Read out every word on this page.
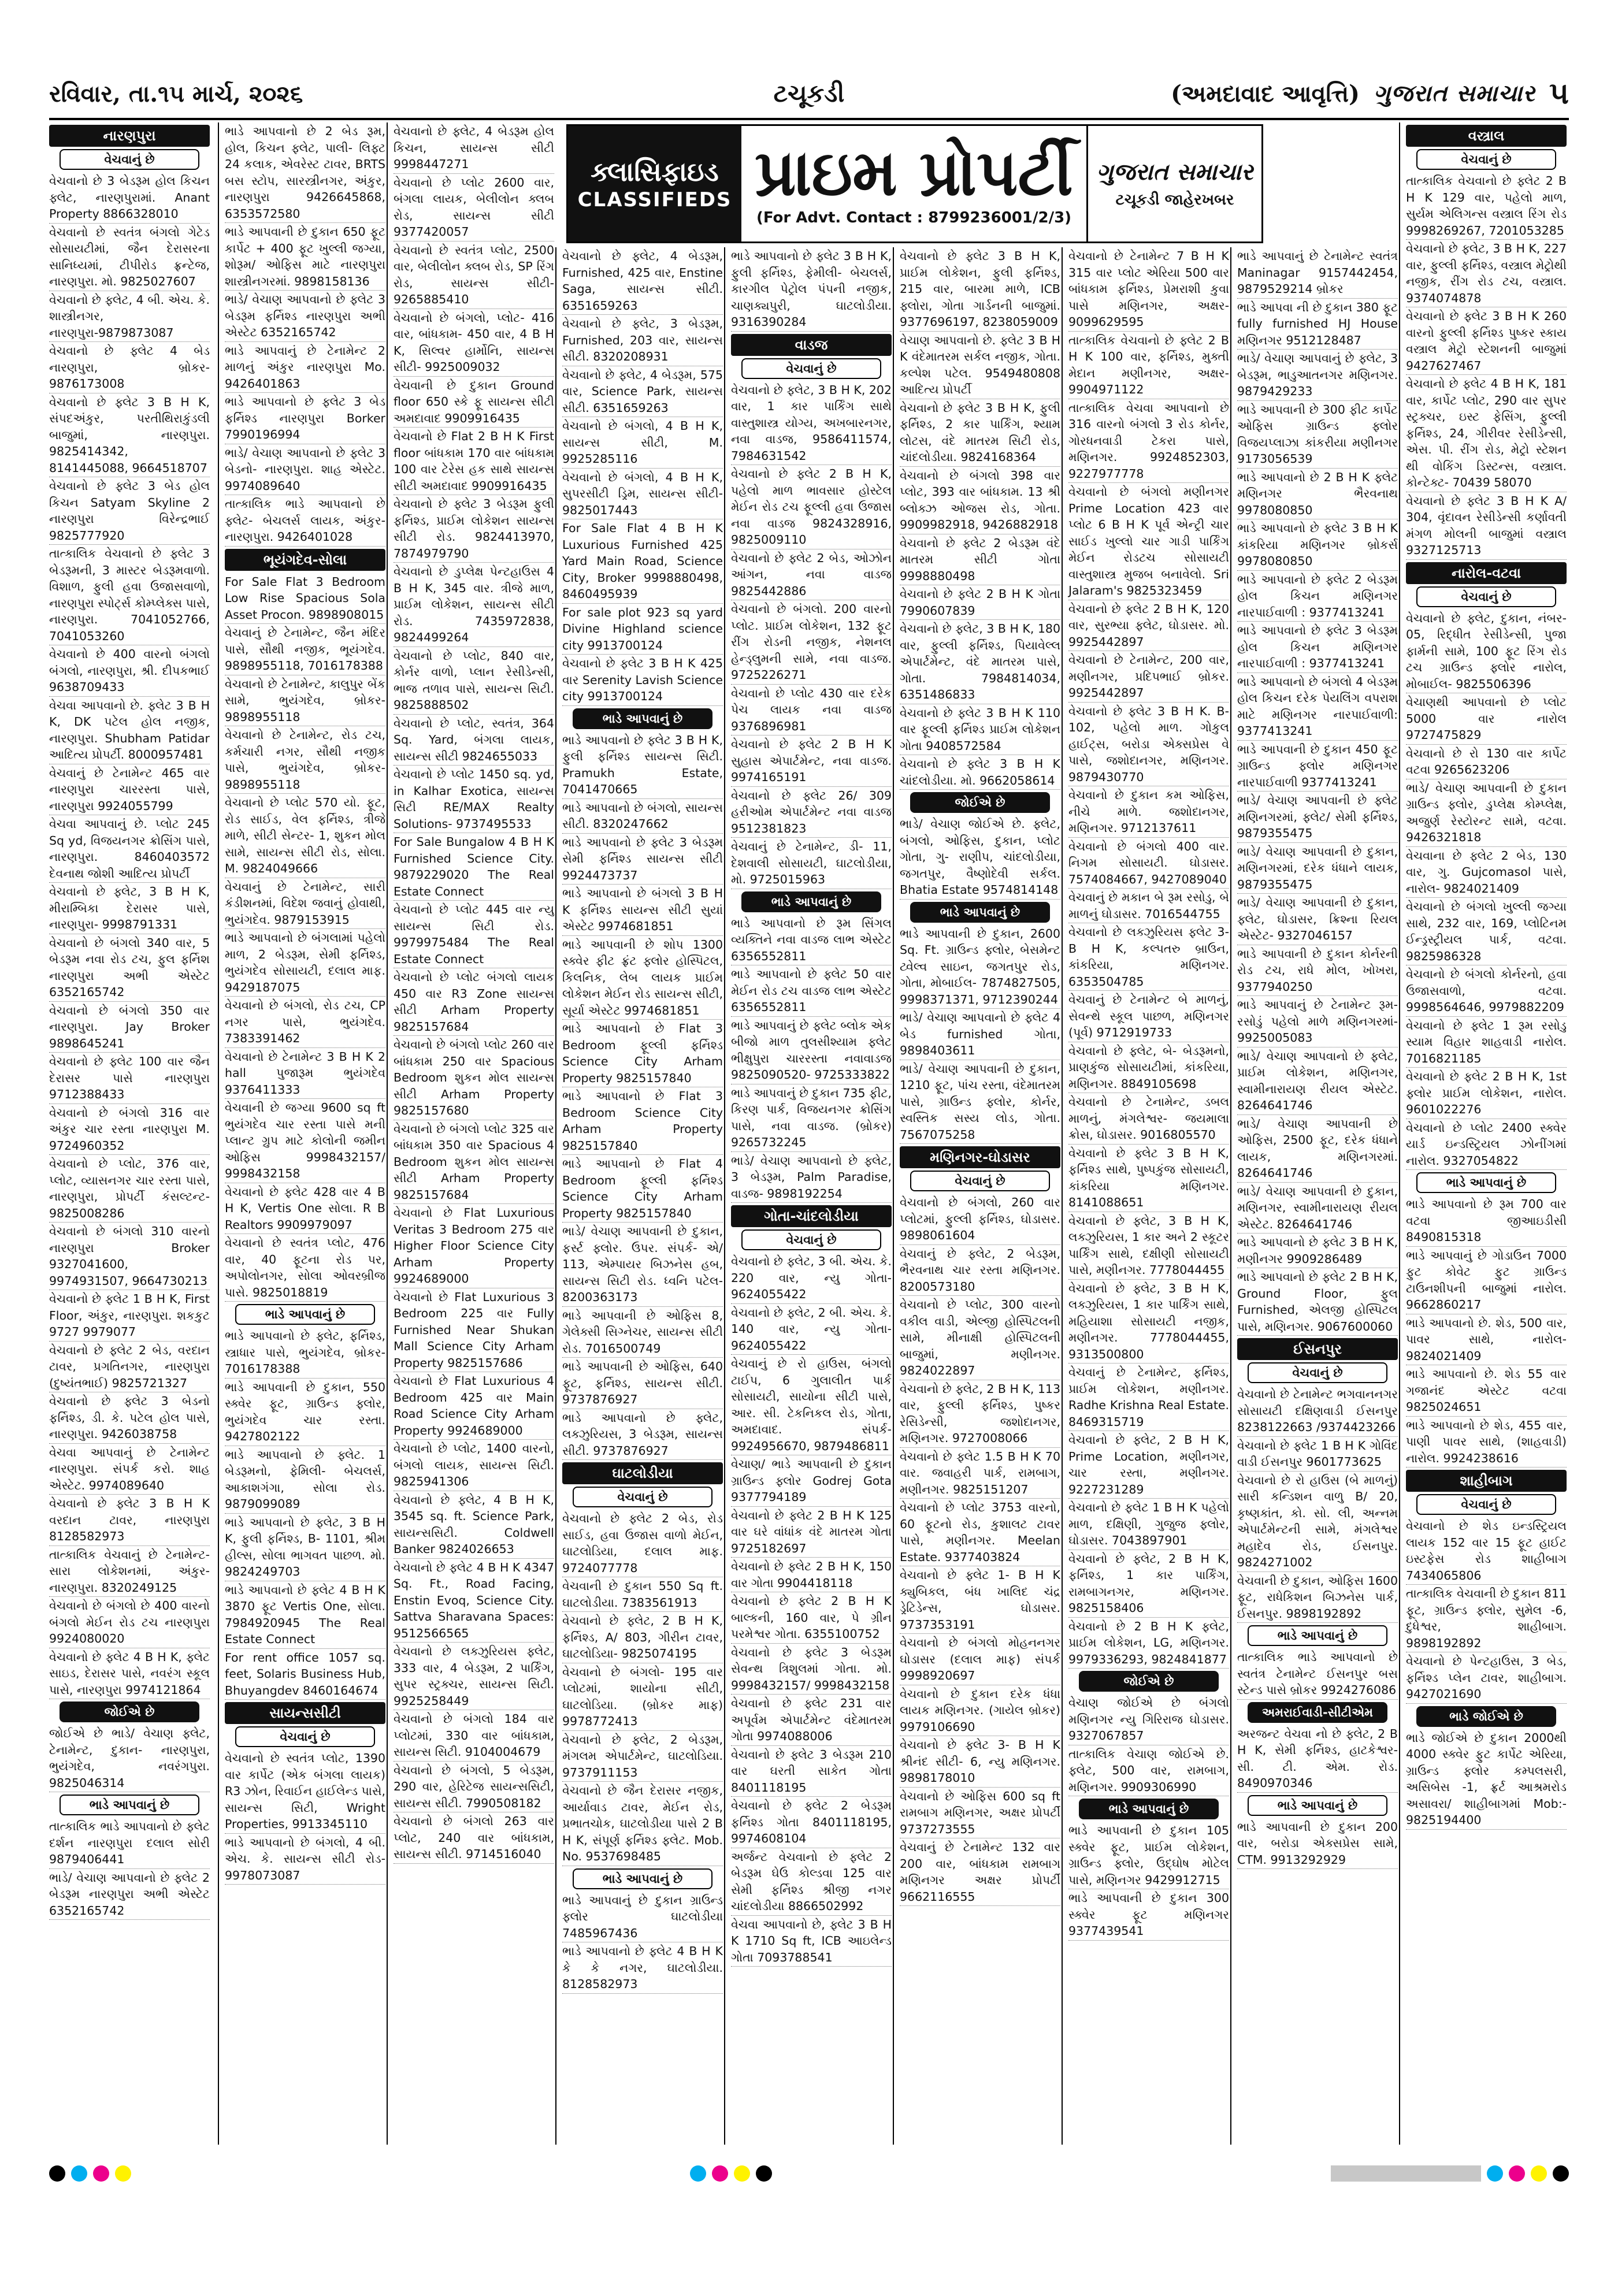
રવિવાર, તા.૧૫ માર્ચ, ૨૦૨૬	ટચૂકડી	(અમદાવાદ આવૃત્તિ) ગુજરાત સમાચાર ૫
નારણપુરા
વેચવાનું છે
વેચવાનો છે 3 બેડરૂમ હોલ કિચન ફ્લેટ, નારણપુરામાં. Anant Property 8866328010
વેચવાનો છે સ્વતંત્ર બંગલો ગેટેડ સોસાયટીમાં, જૈન દેરાસરના સાનિધ્યમાં, ટીપીરોડ ફ્રન્ટેજ, નારણપુરા. મો. 9825027607
વેચવાનો છે ફ્લેટ, 4 બી. એચ. કે. શાસ્ત્રીનગર, નારણપુરા-9879873087
વેચવાનો છે ફ્લેટ 4 બેડ નારણપુરા, બ્રોકર- 9876173008
વેચવાનો છે ફ્લેટ 3 B H K, સંપદઅંકુર, પરતીથિરાકુંડલી બાજુમાં, નારણપુરા. 9825414342, 8141445088, 9664518707
વેચવાનો છે ફ્લેટ 3 બેડ હોલ કિચન Satyam Skyline 2 નારણપુરા વિરેન્દ્રભાઈ 9825777920
તાત્કાલિક વેચવાનો છે ફ્લેટ 3 બેડરૂમની, 3 માસ્ટર બેડરૂમવાળો. વિશાળ, ફુલી હવા ઉજાસવાળો, નારણપુરા સ્પોર્ટ્સ કોમ્પ્લેક્સ પાસે, નારણપુરા. 7041052766, 7041053260
વેચવાનો છે 400 વારનો બંગલો બંગલો, નારણપુરા, શ્રી. દીપકભાઈ 9638709433
વેચવા આપવાનો છે. ફ્લેટ 3 B H K, DK પટેલ હોલ નજીક, નારણપુરા. Shubham Patidar આદિત્ય પ્રોપર્ટી. 8000957481
વેચવાનું છે ટેનામેન્ટ 465 વાર નારણપુરા ચારરસ્તા પાસે, નારણપુરા 9924055799
વેચવા આપવાનું છે. પ્લોટ 245 Sq yd, વિજયનગર ક્રોસિંગ પાસે, નારણપુરા. 8460403572 દેવનાથ જોશી આદિત્ય પ્રોપર્ટી
વેચવાનો છે ફ્લેટ, 3 B H K, મીરામ્બિકા દેરાસર પાસે, નારણપુરા- 9998791331
વેચવાનો છે બંગલો 340 વાર, 5 બેડરૂમ નવા રોડ ટચ, ફુલ ફર્નિશ નારણપુરા અભી એસ્ટેટ 6352165742
વેચવાનો છે બંગલો 350 વાર નારણપુરા. Jay Broker 9898645241
વેચવાનો છે ફ્લેટ 100 વાર જૈન દેરાસર પાસે નારણપુરા 9712388433
વેચવાનો છે બંગલો 316 વાર અંકુર ચાર રસ્તા નારણપુરા M. 9724960352
વેચવાનો છે પ્લોટ, 376 વાર, પ્લોટ, વ્યાસનગર ચાર રસ્તા પાસે, નારણપુરા, પ્રોપર્ટી કંસલ્ટન્ટ- 9825008286
વેચવાનો છે બંગલો 310 વારનો નારણપુરા Broker 9327041600, 9974931507, 9664730213
વેચવાનો છે ફ્લેટ 1 B H K, First Floor, અંકુર, નારણપુરા. શકકુટ 9727 9979077
વેચવાનો છે ફ્લેટ 2 બેડ, વરદાન ટાવર, પ્રગતિનગર, નારણપુરા (દુષ્યંતભાઈ) 9825721327
વેચવાનો છે ફ્લેટ 3 બેડનો ફર્નિશ્ડ, ડી. કે. પટેલ હોલ પાસે, નારણપુરા. 9426038758
વેચવા આપવાનું છે ટેનામેન્ટ નારણપુરા. સંપર્ક કરો. શાહ એસ્ટેટ. 9974089640
વેચવાનો છે ફ્લેટ 3 B H K વરદાન ટાવર, નારણપુરા 8128582973
તાત્કાલિક વેચવાનું છે ટેનામેન્ટ- સારા લોકેશનમાં, અંકુર- નારણપુરા. 8320249125
વેચવાનો છે બંગલો છે 400 વારનો બંગલો મેઈન રોડ ટચ નારણપુરા 9924080020
વેચવાનો છે ફ્લેટ 4 B H K, ફ્લેટ સાઇડ, દેરાસર પાસે, નવરંગ સ્કૂલ પાસે, નારણપુરા 9974121864
જોઈએ છે
જોઈએ છે ભાડે/ વેચાણ ફ્લેટ, ટેનામેન્ટ, દુકાન- નારણપુરા, ભુયંગદેવ, નવરંગપુરા. 9825046314
ભાડે આપવાનું છે
તાત્કાલિક ભાડે આપવાનો છે ફ્લેટ દર્શન નારણપુરા દલાલ સોરી 9879406441
ભાડે/ વેચાણ આપવાનો છે ફ્લેટ 2 બેડરૂમ નારણપુરા અભી એસ્ટેટ 6352165742
ભાડે આપવાનો છે 2 બેડ રૂમ, હોલ, કિચન ફ્લેટ, પાલી- લિફ્ટ 24 કલાક, એવરેસ્ટ ટાવર, BRTS બસ સ્ટોપ, સારસ્ત્રીનગર, અંકુર, નારણપુરા 9426645868, 6353572580
ભાડે આપવાની છે દુકાન 650 ફૂટ કાર્પેટ + 400 ફૂટ ખુલ્લી જગ્યા, શોરૂમ/ ઓફિસ માટે નારણપુરા શાસ્ત્રીનગરમાં. 9898158136
ભાડે/ વેચાણ આપવાનો છે ફ્લેટ 3 બેડરૂમ ફર્નિશ્ડ નારણપુરા અભી એસ્ટેટ 6352165742
ભાડે આપવાનું છે ટેનામેન્ટ 2 માળનું અંકુર નારણપુરા Mo. 9426401863
ભાડે આપવાનો છે ફ્લેટ 3 બેડ ફર્નિશ્ડ નારણપુરા Borker 7990196994
ભાડે/ વેચાણ આપવાનો છે ફ્લેટ 3 બેડનો- નારણપુરા. શાહ એસ્ટેટ. 9974089640
તાત્કાલિક ભાડે આપવાનો છે ફ્લેટ- બેચલર્સ લાયક, અંકુર- નારણપુરા. 9426401028
ભૂયંગદેવ-સોલા
For Sale Flat 3 Bedroom Low Rise Spacious Sola Asset Procon. 9898908015
વેચવાનું છે ટેનામેન્ટ, જૈન મંદિર પાસે, સૌથી નજીક, ભૂયંગદેવ. 9898955118, 7016178388
વેચવાનો છે ટેનામેન્ટ, કાલુપુર બેંક સામે, ભુયંગદેવ, બ્રોકર- 9898955118
વેચવાનો છે ટેનામેન્ટ, રોડ ટચ, કર્મચારી નગર, સૌથી નજીક પાસે, ભુયંગદેવ, બ્રોકર- 9898955118
વેચવાનો છે પ્લોટ 570 યો. ફૂટ, રોડ સાઈડ, વેલ ફર્નિશ્ડ, ત્રીજે માળે, સીટી સેન્ટર- 1, શુકન મોલ સામે, સાયન્સ સીટી રોડ, સોલા. M. 9824049666
વેચવાનું છે ટેનામેન્ટ, સારી કંડીશનમાં, વિદેશ જવાનું હોવાથી, ભુયંગદેવ. 9879153915
ભાડે આપવાનો છે બંગલામાં પહેલો માળ, 2 બેડરૂમ, સેમી ફર્નિશ્ડ, ભુયંગદેવ સોસાયટી, દલાલ માફ. 9429187075
વેચવાનો છે બંગલો, રોડ ટચ, CP નગર પાસે, ભુયંગદેવ. 7383391462
વેચવાનો છે ટેનામેન્ટ 3 B H K 2 hall પુજારૂમ ભુયંગદેવ 9376411333
વેચવાની છે જગ્યા 9600 sq ft ભુયંગદેવ ચાર રસ્તા પાસે મની પ્લાન્ટ ગ્રુપ માટે કોલોની જમીન ઓફિસ 9998432157/ 9998432158
વેચવાનો છે ફ્લેટ 428 વાર 4 B H K, Vertis One સોલા. R B Realtors 9909979097
વેચવાનો છે સ્વતંત્ર પ્લોટ, 476 વાર, 40 ફૂટના રોડ પર, અપોલોનગર, સોલા ઓવરબ્રીજ પાસે. 9825018819
ભાડે આપવાનું છે
ભાડે આપવાનો છે ફ્લેટ, ફર્નિશ્ડ, સ્ત્રાધાર પાસે, ભુયંગદેવ, બ્રોકર- 7016178388
ભાડે આપવાની છે દુકાન, 550 સ્ક્વેર ફૂટ, ગ્રાઉન્ડ ફ્લોર, ભુયંગદેવ ચાર રસ્તા. 9427802122
ભાડે આપવાનો છે ફ્લેટ. 1 બેડરૂમનો, ફેમિલી- બેચલર્સ, આકાશગંગા, સોલા રોડ. 9879099089
ભાડે આપવાનો છે ફ્લેટ, 3 B H K, ફુલી ફર્નિશ્ડ, B- 1101, શ્રીમ હીલ્સ, સોલા ભાગવત પાછળ. મો. 9824249703
ભાડે આપવાનો છે ફ્લેટ 4 B H K 3870 ફૂટ Vertis One, સોલા. 7984920945 The Real Estate Connect
For rent office 1057 sq. feet, Solaris Business Hub, Bhuyangdev 8460164674
સાયન્સસીટી
વેચવાનું છે
વેચવાનો છે સ્વતંત્ર પ્લોટ, 1390 વાર કાર્પેટ (એક બંગલા લાયક) R3 ઝોન, રિવાઈન હાઈલેન્ડ પાસે, સાયન્સ સિટી, Wright Properties, 9913345110
ભાડે આપવાનો છે બંગલો, 4 બી. એચ. કે. સાયન્સ સીટી રોડ- 9978073087
વેચવાનો છે ફ્લેટ, 4 બેડરૂમ હોલ કિચન, સાયન્સ સીટી 9998447271
વેચવાનો છે પ્લોટ 2600 વાર, બંગલા લાયક, બેલીલોન ક્લબ રોડ, સાયન્સ સીટી 9377420057
વેચવાનો છે સ્વતંત્ર પ્લોટ, 2500 વાર, બેલીલોન ક્લબ રોડ, SP રિંગ રોડ, સાયન્સ સીટી- 9265885410
વેચવાનો છે બંગલો, પ્લોટ- 416 વાર, બાંધકામ- 450 વાર, 4 B H K, સિલ્વર હાર્મોનિ, સાયન્સ સીટી- 9925009032
વેચવાની છે દુકાન Ground floor 650 સ્કે ફૂ સાયન્સ સીટી અમદાવાદ 9909916435
વેચવાનો છે Flat 2 B H K First floor બાંધકામ 170 વાર બાંધકામ 100 વાર ટેરેસ હક સાથે સાયન્સ સીટી અમદાવાદ 9909916435
વેચવાનો છે ફ્લેટ 3 બેડરૂમ ફુલી ફર્નિશ્ડ, પ્રાઈમ લોકેશન સાયન્સ સીટી રોડ. 9824413970, 7874979790
વેચવાનો છે ડુપ્લેક્ષ પેન્ટહાઉસ 4 B H K, 345 વાર. ત્રીજે માળ, પ્રાઈમ લોકેશન, સાયન્સ સીટી રોડ. 7435972838, 9824499264
વેચવાનો છે પ્લોટ, 840 વાર, કોર્નર વાળો, પ્લાન રેસીડેન્સી, ભાજ તળાવ પાસે, સાયન્સ સિટી. 9825888502
વેચવાનો છે પ્લોટ, સ્વતંત્ર, 364 Sq. Yard, બંગલા લાયક, સાયન્સ સીટી 9824655033
વેચવાનો છે પ્લોટ 1450 sq. yd, in Kalhar Exotica, સાયન્સ સિટી RE/MAX Realty Solutions- 9737495533
For Sale Bungalow 4 B H K Furnished Science City. 9879229020 The Real Estate Connect
વેચવાનો છે પ્લોટ 445 વાર ન્યુ સાયન્સ સિટી રોડ. 9979975484 The Real Estate Connect
વેચવાનો છે પ્લોટ બંગલો લાયક 450 વાર R3 Zone સાયન્સ સીટી Arham Property 9825157684
વેચવાનો છે બંગલો પ્લોટ 260 વાર બાંધકામ 250 વાર Spacious Bedroom શુકન મોલ સાયન્સ સીટી Arham Property 9825157680
વેચવાનો છે બંગલો પ્લોટ 325 વાર બાંધકામ 350 વાર Spacious 4 Bedroom શુકન મોલ સાયન્સ સીટી Arham Property 9825157684
વેચવાનો છે Flat Luxurious Veritas 3 Bedroom 275 વાર Higher Floor Science City Arham Property 9924689000
વેચવાનો છે Flat Luxurious 3 Bedroom 225 વાર Fully Furnished Near Shukan Mall Science City Arham Property 9825157686
વેચવાનો છે Flat Luxurious 4 Bedroom 425 વાર Main Road Science City Arham Property 9924689000
વેચવાનો છે પ્લોટ, 1400 વારનો, બંગલો લાયક, સાયન્સ સિટી. 9825941306
વેચવાનો છે ફ્લેટ, 4 B H K, 3545 sq. ft. Science Park, સાયન્સસિટી. Coldwell Banker 9824026653
વેચવાનો છે ફ્લેટ 4 B H K 4347 Sq. Ft., Road Facing, Enstin Evoq, Science City. Sattva Sharavana Spaces: 9512566565
વેચવાનો છે લક્ઝુરિયસ ફ્લેટ, 333 વાર, 4 બેડરૂમ, 2 પાર્કિંગ, સુપર સ્ટ્રક્ચર, સાયન્સ સિટી. 9925258449
વેચવાનો છે બંગલો 184 વાર પ્લોટમાં, 330 વાર બાંધકામ, સાયન્સ સિટી. 9104004679
વેચવાનો છે બંગલો, 5 બેડરૂમ, 290 વાર, હેરિટેજ સાયન્સસિટી, સાયન્સ સીટી. 7990508182
વેચવાનો છે બંગલો 263 વાર પ્લોટ, 240 વાર બાંધકામ, સાયન્સ સીટી. 9714516040
વેચવાનો છે ફ્લેટ, 4 બેડરૂમ, Furnished, 425 વાર, Enstine Saga, સાયન્સ સીટી. 6351659263
વેચવાનો છે ફ્લેટ, 3 બેડરૂમ, Furnished, 203 વાર, સાયન્સ સીટી. 8320208931
વેચવાનો છે ફ્લેટ, 4 બેડરૂમ, 575 વાર, Science Park, સાયન્સ સીટી. 6351659263
વેચવાનો છે બંગલો, 4 B H K, સાયન્સ સીટી, M. 9925285116
વેચવાનો છે બંગલો, 4 B H K, સુપરસીટી ડ્રિમ, સાયન્સ સીટી- 9825017443
For Sale Flat 4 B H K Luxurious Furnished 425 Yard Main Road, Science City, Broker 9998880498, 8460495939
For sale plot 923 sq yard Divine Highland science city 9913700124
વેચવાનો છે ફ્લેટ 3 B H K 425 વાર Serenity Lavish Science city 9913700124
ભાડે આપવાનું છે
ભાડે આપવાનો છે ફ્લેટ 3 B H K, ફુલી ફર્નિશ્ડ સાયન્સ સિટી. Pramukh Estate, 7041470665
ભાડે આપવાનો છે બંગલો, સાયન્સ સીટી. 8320247662
ભાડે આપવાનો છે ફ્લેટ 3 બેડરૂમ સેમી ફર્નિશ્ડ સાયન્સ સીટી 9924473737
ભાડે આપવાનો છે બંગલો 3 B H K ફર્નિશ્ડ સાયન્સ સીટી સુયાં એસ્ટેટ 9974681851
ભાડે આપવાની છે શોપ 1300 સ્ક્વેર ફીટ ફ્રંટ ફ્લોર હોસ્પિટલ, કિલનિક, લેબ લાયક પ્રાઈમ લોકેશન મેઈન રોડ સાયન્સ સીટી, સૂર્યા એસ્ટેટ 9974681851
ભાડે આપવાનો છે Flat 3 Bedroom ફૂલ્લી ફર્નિશ્ડ Science City Arham Property 9825157840
ભાડે આપવાનો છે Flat 3 Bedroom Science City Arham Property 9825157840
ભાડે આપવાનો છે Flat 4 Bedroom ફૂલ્લી ફર્નિશ્ડ Science City Arham Property 9825157840
ભાડે/ વેચાણ આપવાની છે દુકાન, ફર્સ્ટ ફ્લોર. ઉપર. સંપર્ક- એ/ 113, એમ્પાયર બિઝનેસ હબ, સાયન્સ સિટી રોડ. ધ્વનિ પટેલ- 8200363173
ભાડે આપવાની છે ઓફિસ 8, ગેલેક્સી સિગ્નેચર, સાયન્સ સીટી રોડ. 7016500749
ભાડે આપવાની છે ઓફિસ, 640 ફૂટ, ફર્નિશ્ડ, સાયન્સ સીટી. 9737876927
ભાડે આપવાનો છે ફ્લેટ, લક્ઝુરિયસ, 3 બેડરૂમ, સાયન્સ સીટી. 9737876927
ઘાટલોડીયા
વેચવાનું છે
વેચવાનો છે ફ્લેટ 2 બેડ, રોડ સાઈડ, હવા ઉજાસ વાળો મેઈન, ઘાટલોડિયા, દલાલ માફ. 9724077778
વેચવાની છે દુકાન 550 Sq ft. ઘાટલોડીયા. 7383561913
વેચવાનો છે ફ્લેટ, 2 B H K, ફર્નિશ્ડ, A/ 803, ગીરીન ટાવર, ઘાટલોડિયા- 9825074195
વેચવાનો છે બંગલો- 195 વાર પ્લોટમાં, શાયોના સીટી, ઘાટલોડિયા. (બ્રોકર માફ) 9978772413
વેચવાનો છે ફ્લેટ, 2 બેડરૂમ, મંગલમ એપાર્ટમેન્ટ, ઘાટલોડિયા. 9737911153
વેચવાનો છે જૈન દેરાસર નજીક, આર્યાવાડ ટાવર, મેઈન રોડ, પ્રભાતચોક, ઘાટલોડીયા પાસે 2 B H K, સંપૂર્ણ ફર્નિશ્ડ ફ્લેટ. Mob. No. 9537698485
ભાડે આપવાનું છે
ભાડે આપવાનું છે દુકાન ગ્રાઉન્ડ ફ્લોર ઘાટલોડીયા 7485967436
ભાડે આપવાનો છે ફ્લેટ 4 B H K કે કે નગર, ઘાટલોડીયા. 8128582973
ભાડે આપવાનો છે ફ્લેટ 3 B H K, ફુલી ફર્નિશ્ડ, ફેમીલી- બેચલર્સ, કારગીલ પેટ્રોલ પંપની નજીક, ચાણક્યપુરી, ઘાટલોડીયા. 9316390284
વાડજ
વેચવાનું છે
વેચવાનો છે ફ્લેટ, 3 B H K, 202 વાર, 1 કાર પાર્કિંગ સાથે વાસ્તુશાસ્ત્ર યોગ્ય, અખબારનગર, નવા વાડજ, 9586411574, 7984631542
વેચવાનો છે ફ્લેટ 2 B H K, પહેલો માળ ભાવસાર હોસ્ટેલ મેઈન રોડ ટચ ફૂલ્લી હવા ઉજાસ નવા વાડજ 9824328916, 9825009110
વેચવાનો છે ફ્લેટ 2 બેડ, ઓઝોન આંગન, નવા વાડજ 9825442886
વેચવાનો છે બંગલો. 200 વારનો પ્લોટ. પ્રાઈમ લોકેશન, 132 ફૂટ રીંગ રોડની નજીક, નેશનલ હેન્ડ્લુમની સામે, નવા વાડજ. 9725226271
વેચવાનો છે પ્લોટ 430 વાર દરેક પેચ લાયક નવા વાડજ 9376896981
વેચવાનો છે ફ્લેટ 2 B H K સુહાસ એપાર્ટમેન્ટ, નવા વાડજ. 9974165191
વેચવાનો છે ફ્લેટ 26/ 309 હરીઓમ એપાર્ટમેન્ટ નવા વાડજ 9512381823
વેચવાનું છે ટેનામેન્ટ, ડી- 11, દેશવાલી સોસાયટી, ઘાટલોડીયા, મો. 9725015963
ભાડે આપવાનું છે
ભાડે આપવાનો છે રૂમ સિંગલ વ્યક્તિને નવા વાડજ લાભ એસ્ટેટ 6356552811
ભાડે આપવાનો છે ફ્લેટ 50 વાર મેઈન રોડ ટચ વાડજ લાભ એસ્ટેટ 6356552811
ભાડે આપવાનું છે ફ્લેટ બ્લોક એક બીજો માળ તુલસીશ્યામ ફ્લેટ ભીક્ષુપુરા ચારરસ્તા નવાવાડજ 9825090520- 9725333822
ભાડે આપવાનું છે દુકાન 735 ફીટ, કિરણ પાર્ક, વિજયનગર ક્રોસિંગ પાસે, નવા વાડજ. (બ્રોકર) 9265732245
ભાડે/ વેચાણ આપવાનો છે ફ્લેટ, 3 બેડરૂમ, Palm Paradise, વાડજ- 9898192254
ગોતા-ચાંદલોડીયા
વેચવાનું છે
વેચવાનો છે ફ્લેટ, 3 બી. એચ. કે. 220 વાર, ન્યુ ગોતા- 9624055422
વેચવાનો છે ફ્લેટ, 2 બી. એચ. કે. 140 વાર, ન્યુ ગોતા- 9624055422
વેચવાનું છે રો હાઉસ, બંગલો ટાઈપ, 6 ગુલાલીત પાર્ક સોસાયટી, સાયોના સીટી પાસે, આર. સી. ટેકનિકલ રોડ, ગોતા, અમદાવાદ. સંપર્ક- 9924956670, 9879486811
વેચાણ/ ભાડે આપવાની છે દુકાન ગ્રાઉન્ડ ફ્લોર Godrej Gota 9377794189
વેચવાનો છે ફ્લેટ 2 B H K 125 વાર ઘરે વાંધાંક વંદે માતરમ ગોતા 9725182697
વેચવાનો છે ફ્લેટ 2 B H K, 150 વાર ગોતા 9904418118
વેચવાનો છે ફ્લેટ 2 B H K બાલ્કની, 160 વાર, પે ગ્રીન પરમેશ્વર ગોતા. 6355100752
વેચવાનો છે ફ્લેટ 3 બેડરૂમ સેવન્થ ત્રિશુલમાં ગોતા. મો. 9998432157/ 9998432158
વેચવાનો છે ફ્લેટ 231 વાર અપૂર્વમ એપાર્ટમેન્ટ વંદેમાતરમ ગોતા 9974088006
વેચવાનો છે ફ્લેટ 3 બેડરૂમ 210 વાર ઘરતી સાકેત ગોતા 8401118195
વેચવાનો છે ફ્લેટ 2 બેડરૂમ ફર્નિશ્ડ ગોતા 8401118195, 9974608104
અર્જન્ટ વેચવાનો છે ફ્લેટ 2 બેડરૂમ ઘેઉ કોલ્ડવા 125 વાર સેમી ફર્નિશ્ડ શ્રીજી નગર ચાંદલોડીયા 8866502992
વેચવા આપવાનો છે, ફ્લેટ 3 B H K 1710 Sq ft, ICB આઇલેન્ડ ગોતા 7093788541
વેચવાનો છે ફ્લેટ 3 B H K, પ્રાઈમ લોકેશન, ફુલી ફર્નિશ્ડ, 215 વાર, બારમા માળે, ICB ફ્લોરા, ગોતા ગાર્ડનની બાજુમાં. 9377696197, 8238059009
વેચાણ આપવાનો છે. ફ્લેટ 3 B H K વંદેમાતરમ સર્કલ નજીક, ગોતા. કલ્પેશ પટેલ. 9549480808 આદિત્ય પ્રોપર્ટી
વેચવાનો છે ફ્લેટ 3 B H K, ફુલી ફર્નિશ્ડ, 2 કાર પાર્કિંગ, શ્યામ લોટસ, વંદે માતરમ સિટી રોડ, ચાંદલોડીયા. 9824168364
વેચવાનો છે બંગલો 398 વાર પ્લોટ, 393 વાર બાંધકામ. 13 શ્રી બ્લોક્ઝ ઓજસ રોડ, ગોતા. 9909982918, 9426882918
વેચવાનો છે ફ્લેટ 2 બેડરૂમ વંદે માતરમ સીટી ગોતા 9998880498
વેચવાનો છે ફ્લેટ 2 B H K ગોતા 7990607839
વેચવાનો છે ફ્લેટ, 3 B H K, 180 વાર, ફુલ્લી ફર્નિશ્ડ, પિયાવેલ્લ એપાર્ટમેન્ટ, વંદે માતરમ પાસે, ગોતા. 7984814034, 6351486833
વેચવાનો છે ફ્લેટ 3 B H K 110 વાર ફૂલ્લી ફર્નિશ્ડ પ્રાઈમ લોકેશન ગોતા 9408572584
વેચવાનો છે ફ્લેટ 3 B H K ચાંદલોડીયા. મો. 9662058614
જોઈએ છે
ભાડે/ વેચાણ જોઈએ છે. ફ્લેટ, બંગલો, ઓફિસ, દુકાન, પ્લોટ ગોતા, ગુ- રાણીપ, ચાંદલોડીયા, જગતપુર, વૈષ્ણોદેવી સર્કલ. Bhatia Estate 9574814148
ભાડે આપવાનું છે
ભાડે આપવાની છે દુકાન, 2600 Sq. Ft. ગ્રાઉન્ડ ફ્લોર, બેસમેન્ટ ટ્વેલ્વ સાઇન, જગતપુર રોડ, ગોતા, મોબાઈલ- 7874827505, 9998371371, 9712390244
ભાડે/ વેચાણ આપવાનો છે ફ્લેટ 4 બેડ furnished ગોતા, 9898403611
ભાડે/ વેચાણ આપવાની છે દુકાન, 1210 ફૂટ, પાંચ રસ્તા, વંદેમાતરમ પાસે, ગ્રાઉન્ડ ફ્લોર, કોર્નર, સ્વસ્તિક સસ્ય લોડ, ગોતા. 7567075258
મણિનગર-ઘોડાસર
વેચવાનું છે
વેચવાનો છે બંગલો, 260 વાર પ્લોટમાં, ફુલ્લી ફર્નિશ્ડ, ઘોડાસર. 9898061604
વેચવાનું છે ફ્લેટ, 2 બેડરૂમ, ભૈરવનાથ ચાર રસ્તા મણિનગર. 8200573180
વેચવાનો છે પ્લોટ, 300 વારનો વકીલ વાડી, એલ્જી હોસ્પિટલની સામે, મીનાક્ષી હોસ્પિટલની બાજુમાં, મણીનગર. 9824022897
વેચવાનો છે ફ્લેટ, 2 B H K, 113 વાર, ફુલ્લી ફર્નિશ્ડ, પુષ્કર રેસિડેન્સી, જશોદાનગર, મણિનગર. 9727008066
વેચવાનો છે ફ્લેટ 1.5 B H K 70 વાર. જવાહરી પાર્ક, રામબાગ, મણીનગર. 9825151207
વેચવાનો છે પ્લોટ 3753 વારનો, 60 ફૂટનો રોડ, કુશાલટ ટાવર પાસે, મણીનગર. Meelan Estate. 9377403824
વેચવાનો છે ફ્લેટ 1- B H K ક્યુબિકલ, બંધ ખાલિદ ચંદ્ર ડ્રેટિડેન્સ, ઘોડાસર. 9737353191
વેચવાનો છે બંગલો મોહનનગર ઘોડાસર (દલાલ માફ) સંપર્ક 9998920697
વેચવાનો છે દુકાન દરેક ધંધા લાયક મણિનગર. (ગાયેલ બ્રોકર) 9979106690
વેચવાનો છે ફ્લેટ 3- B H K શ્રીનંદ સીટી- 6, ન્યુ મણિનગર. 9898178010
વેચવાનો છે ઓફિસ 600 sq ft રામબાગ મણિનગર, અક્ષર પ્રોપર્ટી 9737273555
વેચવાનું છે ટેનામેન્ટ 132 વાર 200 વાર, બાંધકામ રામબાગ મણિનગર અક્ષર પ્રોપર્ટી 9662116555
વેચવાનો છે ટેનામેન્ટ 7 B H K 315 વાર પ્લોટ એરિયા 500 વાર બાંધકામ ફર્નિશ્ડ, પ્રેમરાશી કુવા પાસે મણિનગર, અક્ષર- 9099629595
તાત્કાલિક વેચવાનો છે ફ્લેટ 2 B H K 100 વાર, ફર્નિશ્ડ, મુક્તી મેદાન મણીનગર, અક્ષર- 9904971122
તાત્કાલિક વેચવા આપવાનો છે 316 વારનો બંગલો 3 રોડ કોર્નર, ગોરધનવાડી ટેકરા પાસે, મણિનગર. 9924852303, 9227977778
વેચવાનો છે બંગલો મણીનગર Prime Location 423 વાર પ્લોટ 6 B H K પૂર્વ એન્ટ્રી ચાર સાઈડ ખુલ્લો ચાર ગાડી પાર્કિંગ મેઈન રોડટચ સોસાયટી વાસ્તુશાસ્ત્ર મુજબ બનાવેલો. Sri Jalaram's 9825323459
વેચવાનો છે ફ્લેટ 2 B H K, 120 વાર, સુરભ્યા ફ્લેટ, ઘોડાસર. મો. 9925442897
વેચવાનો છે ટેનામેન્ટ, 200 વાર, મણીનગર, પ્રદિપભાઈ બ્રોકર. 9925442897
વેચવાનો છે ફ્લેટ 3 B H K. B- 102, પહેલો માળ. ગોકુલ હાઈટ્સ, બરોડા એક્સપ્રેસ વે પાસે, જશોદાનગર, મણિનગર. 9879430770
વેચવાનો છે દુકાન કમ ઓફિસ, નીચે માળે. જશોદાનગર, મણિનગર. 9712137611
વેચવાનો છે બંગલો 400 વાર. નિગમ સોસાયટી. ઘોડાસર. 7574084667, 9427089040
વેચવાનું છે મકાન બે રૂમ રસોડુ, બે માળનું ઘોડાસર. 7016544755
વેચવાનો છે લક્ઝુરિયસ ફ્લેટ 3- B H K, કલ્પતરુ બ્રાઉન, કાંકરિયા, મણિનગર. 6353504785
વેચવાનું છે ટેનામેન્ટ બે માળનું, સેવન્થે સ્કૂલ પાછળ, મણિનગર (પૂર્વ) 9712919733
વેચવાનો છે ફ્લેટ, બે- બેડરૂમનો, પ્રાણકુંજ સોસાયટીમાં, કાંકરિયા, મણિનગર. 8849105698
વેચવાનો છે ટેનામેન્ટ, ડબલ માળનું, મંગલેશ્વર- જયમાલા ક્રોસ, ઘોડાસર. 9016805570
વેચવાનો છે ફ્લેટ 3 B H K, ફર્નિશ્ડ સાથે, પુષ્પકુંજ સોસાયટી, કાંકરિયા મણિનગર. 8141088651
વેચવાનો છે ફ્લેટ, 3 B H K, લક્ઝુરિયસ, 1 કાર અને 2 સ્કૂટર પાર્કિંગ સાથે, દક્ષીણી સોસાયટી પાસે, મણીનગર. 7778044455
વેચવાનો છે ફ્લેટ, 3 B H K, લક્ઝુરિયસ, 1 કાર પાર્કિંગ સાથે, મહિયાશા સોસાયટી નજીક, મણીનગર. 7778044455, 9313500800
વેચવાનું છે ટેનામેન્ટ, ફર્નિશ્ડ, પ્રાઈમ લોકેશન, મણીનગર. Radhe Krishna Real Estate. 8469315719
વેચવાનો છે ફ્લેટ, 2 B H K, Prime Location, મણીનગર, ચાર રસ્તા, મણીનગર. 9227231289
વેચવાનો છે ફ્લેટ 1 B H K પહેલો માળ, દક્ષિણી, ગુજુજ ફ્લોર, ઘોડાસર. 7043897901
વેચવાનો છે ફ્લેટ, 2 B H K, ફર્નિશ્ડ, 1 કાર પાર્કિંગ, રામબાગનગર, મણિનગર. 9825158406
વેચવાનો છે 2 B H K ફ્લેટ, પ્રાઈમ લોકેશન, LG, મણિનગર. 9979336293, 9824841877
જોઈએ છે
વેચાણ જોઈએ છે બંગલો મણિનગર ન્યુ ગિરિરાજ ઘોડાસર. 9327067857
તાત્કાલિક વેચાણ જોઈએ છે. ફ્લેટ, 500 વાર, રામબાગ, મણિનગર. 9909306990
ભાડે આપવાનું છે
ભાડે આપવાની છે દુકાન 105 સ્ક્વેર ફૂટ, પ્રાઈમ લોકેશન, ગ્રાઉન્ડ ફ્લોર, ઉદ્ઘોષ મોટેલ પાસે, મણિનગર 9429912715
ભાડે આપવાની છે દુકાન 300 સ્ક્વેર ફૂટ મણિનગર 9377439541
ભાડે આપવાનું છે ટેનામેન્ટ સ્વતંત્ર Maninagar 9157442454, 9879529214 બ્રોકર
ભાડે આપવા ની છે દુકાન 380 ફૂટ fully furnished HJ House મણિનગર 9512128487
ભાડે/ વેચાણ આપવાનું છે ફ્લેટ, 3 બેડરૂમ, ભાડુઆતનગર મણિનગર. 9879429233
ભાડે આપવાની છે 300 ફીટ કાર્પેટ ઓફિસ ગ્રાઉન્ડ ફ્લોર વિજયપ્લાઝા કાંકરીયા મણીનગર 9173056539
ભાડે આપવાનો છે 2 B H K ફ્લેટ મણિનગર ભૈરવનાથ 9978080850
ભાડે આપવાનો છે ફ્લેટ 3 B H K કાંકરિયા મણિનગર બ્રોકર્સ 9978080850
ભાડે આપવાનો છે ફ્લેટ 2 બેડરૂમ હોલ કિચન મણિનગર નારપાઈવાળી : 9377413241
ભાડે આપવાનો છે ફ્લેટ 3 બેડરૂમ હોલ કિચન મણિનગર નારપાઈવાળી : 9377413241
ભાડે આપવાનો છે બંગલો 4 બેડરૂમ હોલ કિચન દરેક પેયલિંગ વપરાશ માટે મણિનગર નારપાઈવાળી: 9377413241
ભાડે આપવાની છે દુકાન 450 ફૂટ ગ્રાઉન્ડ ફ્લોર મણિનગર નારપાઈવાળી 9377413241
ભાડે/ વેચાણ આપવાની છે ફ્લેટ મણિનગરમાં, ફ્લેટ/ સેમી ફર્નિશ્ડ, 9879355475
ભાડે/ વેચાણ આપવાની છે દુકાન, મણિનગરમાં, દરેક ધંધાને લાયક, 9879355475
ભાડે/ વેચાણ આપવાની છે દુકાન, ફ્લેટ, ઘોડાસર, ક્રિશ્ના રિયલ એસ્ટેટ- 9327046157
ભાડે આપવાની છે દુકાન કોર્નરની રોડ ટચ, રાધે મોલ, ખોખરા, 9377940250
ભાડે આપવાનું છે ટેનામેન્ટ રૂમ- રસોડું પહેલો માળે મણિનગરમાં- 9925005083
ભાડે/ વેચાણ આપવાનો છે ફ્લેટ, પ્રાઈમ લોકેશન, મણિનગર, સ્વામીનારાયણ રીયલ એસ્ટેટ. 8264641746
ભાડે/ વેચાણ આપવાની છે ઓફિસ, 2500 ફૂટ, દરેક ધંધાને લાયક, મણિનગરમાં. 8264641746
ભાડે/ વેચાણ આપવાની છે દુકાન, મણિનગર, સ્વામીનારાયણ રીયલ એસ્ટેટ. 8264641746
ભાડે આપવાનો છે ફ્લેટ 3 B H K, મણીનગર 9909286489
ભાડે આપવાનો છે ફ્લેટ 2 B H K, Ground Floor, ફુલ Furnished, એલજી હોસ્પિટલ પાસે, મણિનગર. 9067600060
ઈસનપુર
વેચવાનું છે
વેચવાનો છે ટેનામેન્ટ ભગવાનનગર સોસાયટી દક્ષિણવાડી ઈસનપુર 8238122663 /9374423266
વેચવાનો છે ફ્લેટ 1 B H K ગોવિંદ વાડી ઈસનપુર 9601773625
વેચવાનો છે રો હાઉસ (બે માળનું) સારી કન્ડિશન વાળુ B/ 20, કૃષ્ણકાંત, કો. સો. લી, અન્નમ એપાર્ટમેન્ટની સામે, મંગલેશ્વર મહાદેવ રોડ, ઈસનપુર. 9824271002
વેચવાની છે દુકાન, ઓફિસ 1600 ફૂટ, રાધેકિશન બિઝનેસ પાર્ક, ઈસનપુર. 9898192892
ભાડે આપવાનું છે
તાત્કાલિક ભાડે આપવાનો છે સ્વતંત્ર ટેનામેન્ટ ઈસનપુર બસ સ્ટેન્ડ પાસે બ્રોકર 9924276086
અમરાઈવાડી-સીટીએમ
અરજન્ટ વેચવા નો છે ફ્લેટ, 2 B H K, સેમી ફર્નિશ્ડ, હાટકેશ્વર- સી. ટી. એમ. રોડ. 8490970346
ભાડે આપવાનું છે
ભાડે આપવાની છે દુકાન 200 વાર, બરોડા એક્સપ્રેસ સામે, CTM. 9913292929
વસ્ત્રાલ
વેચવાનું છે
તાત્કાલિક વેચવાનો છે ફ્લેટ 2 B H K 129 વાર, પહેલો માળ, સુર્યમ એલિગન્સ વસ્ત્રાલ રિંગ રોડ 9998269267, 7201053285
વેચવાનો છે ફ્લેટ, 3 B H K, 227 વાર, ફુલ્લી ફર્નિશ્ડ, વસ્ત્રાલ મેટ્રોથી નજીક, રીંગ રોડ ટચ, વસ્ત્રાલ. 9374074878
વેચવાનો છે ફ્લેટ 3 B H K 260 વારનો ફુલ્લી ફર્નિશ્ડ પુષ્કર સ્કાય વસ્ત્રાલ મેટ્રો સ્ટેશનની બાજુમાં 9427627467
વેચવાનો છે ફ્લેટ 4 B H K, 181 વાર, કાર્પેટ પ્લોટ, 290 વાર સુપર સ્ટ્રક્ચર, ઇસ્ટ ફેસિંગ, ફુલ્લી ફર્નિશ્ડ, 24, ગીરીવર રેસીડેન્સી, એસ. પી. રીંગ રોડ, મેટ્રો સ્ટેશન થી વોકિંગ ડિસ્ટન્સ, વસ્ત્રાલ. કોન્ટેક્ટ- 70439 58070
વેચવાનો છે ફ્લેટ 3 B H K A/ 304, વૃંદાવન રેસીડેન્સી કર્ણાવતી મંગળ મોલની બાજુમાં વસ્ત્રાલ 9327125713
નારોલ-વટવા
વેચવાનું છે
વેચવાનો છે ફ્લેટ, દુકાન, નંબર- 05, રિદ્ધીત રેસીડેન્સી, પુજા ફાર્મની સામે, 100 ફૂટ રિંગ રોડ ટચ ગ્રાઉન્ડ ફ્લોર નારોલ, મોબાઈલ- 9825506396
વેચાણથી આપવાનો છે પ્લોટ 5000 વાર નારોલ 9727475829
વેચવાનો છે રો 130 વાર કાર્પેટ વટવા 9265623206
ભાડે/ વેચાણ આપવાની છે દુકાન ગ્રાઉન્ડ ફ્લોર, ડુપ્લેક્ષ કોમ્પ્લેક્ષ, અજુર્ણ રેસ્ટોરન્ટ સામે, વટવા. 9426321818
વેચવાના છે ફ્લેટ 2 બેડ, 130 વાર, ગુ. Gujcomasol પાસે, નારોલ- 9824021409
વેચવાનો છે બંગલો ખુલ્લી જગ્યા સાથે, 232 વાર, 169, પ્લોટિનમ ઈન્ડ્રસ્ટ્રીયલ પાર્ક, વટવા. 9825986328
વેચવાનો છે બંગલો કોર્નરનો, હવા ઉજાસવાળો, વટવા. 9998564646, 9979882209
વેચવાનો છે ફ્લેટ 1 રૂમ રસોડુ સ્યામ વિહાર શાહવાડી નારોલ. 7016821185
વેચવાનો છે ફ્લેટ 2 B H K, 1st ફ્લોર પ્રાઈમ લોકેશન, નારોલ. 9601022276
વેચવાનો છે પ્લોટ 2400 સ્ક્વેર યાર્ડ ઇન્ડસ્ટ્રિયલ ઝોનીંગમાં નારોલ. 9327054822
ભાડે આપવાનું છે
ભાડે આપવાનો છે રૂમ 700 વાર વટવા જીઆઇડીસી 8490815318
ભાડે આપવાનું છે ગોડાઉન 7000 ફુટ કોવેટ ફુટ ગ્રાઉન્ડ ટાઉનશીપની બાજુમાં નારોલ. 9662860217
ભાડે આપવાનો છે. શેડ, 500 વાર, પાવર સાથે, નારોલ- 9824021409
ભાડે આપવાનો છે. શેડ 55 વાર ગજાનંદ એસ્ટેટ વટવા 9825024651
ભાડે આપવાનો છે શેડ, 455 વાર, પાણી પાવર સાથે, (શાહવાડી) નારોલ. 9924238616
શાહીબાગ
વેચવાનું છે
વેચવાનો છે શેડ ઇન્ડસ્ટ્રિયલ લાયક 152 વાર 15 ફૂટ હાઈટ ઇસ્ટફેસ રોડ શાહીબાગ 7434065806
તાત્કાલિક વેચવાની છે દુકાન 811 ફૂટ, ગ્રાઉન્ડ ફ્લોર, સુમેલ -6, દુધેશ્વર, શાહીબાગ. 9898192892
વેચવાનો છે પેન્ટહાઉસ, 3 બેડ, ફર્નિશ્ડ પ્લેન ટાવર, શાહીબાગ. 9427021690
ભાડે જોઈએ છે
ભાડે જોઈએ છે દુકાન 2000થી 4000 સ્ક્વેર ફુટ કાર્પેટ એરિયા, ગ્રાઉન્ડ ફ્લોર કમ્પલસરી, અસિબેસ -1, ફ્રર્ટ આશ્રમરોડ અસાવરા/ શાહીબાગમાં Mob:- 9825194400
ક્લાસિફાઇડ
CLASSIFIEDS પ્રાઇમ પ્રોપર્ટી
(For Advt. Contact : 8799236001/2/3)
ગુજરાત સમાચાર
ટચૂકડી જાહેરખબર
